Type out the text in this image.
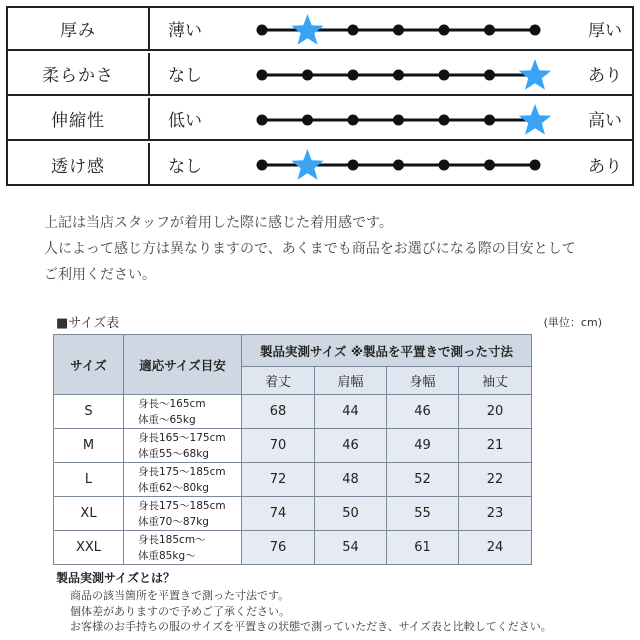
厚み	薄い	厚い
柔らかさ	なし	あり
伸縮性	低い	高い
透け感	なし	あり
上記は当店スタッフが着用した際に感じた着用感です。
人によって感じ方は異なりますので、あくまでも商品をお選びになる際の目安として
ご利用ください。
■サイズ表	(単位：cm)
サイズ	適応サイズ目安	製品実測サイズ ※製品を平置きで測った寸法			
		着丈	肩幅	身幅	袖丈
S	身長～165cm
体重～65kg	68	44	46	20
M	身長165～175cm
体重55～68kg	70	46	49	21
L	身長175～185cm
体重62～80kg	72	48	52	22
XL	身長175～185cm
体重70～87kg	74	50	55	23
XXL	身長185cm～
体重85kg～	76	54	61	24
製品実測サイズとは？
商品の該当箇所を平置きで測った寸法です。
個体差がありますので予めご了承ください。
お客様のお手持ちの服のサイズを平置きの状態で測っていただき、サイズ表と比較してください。
